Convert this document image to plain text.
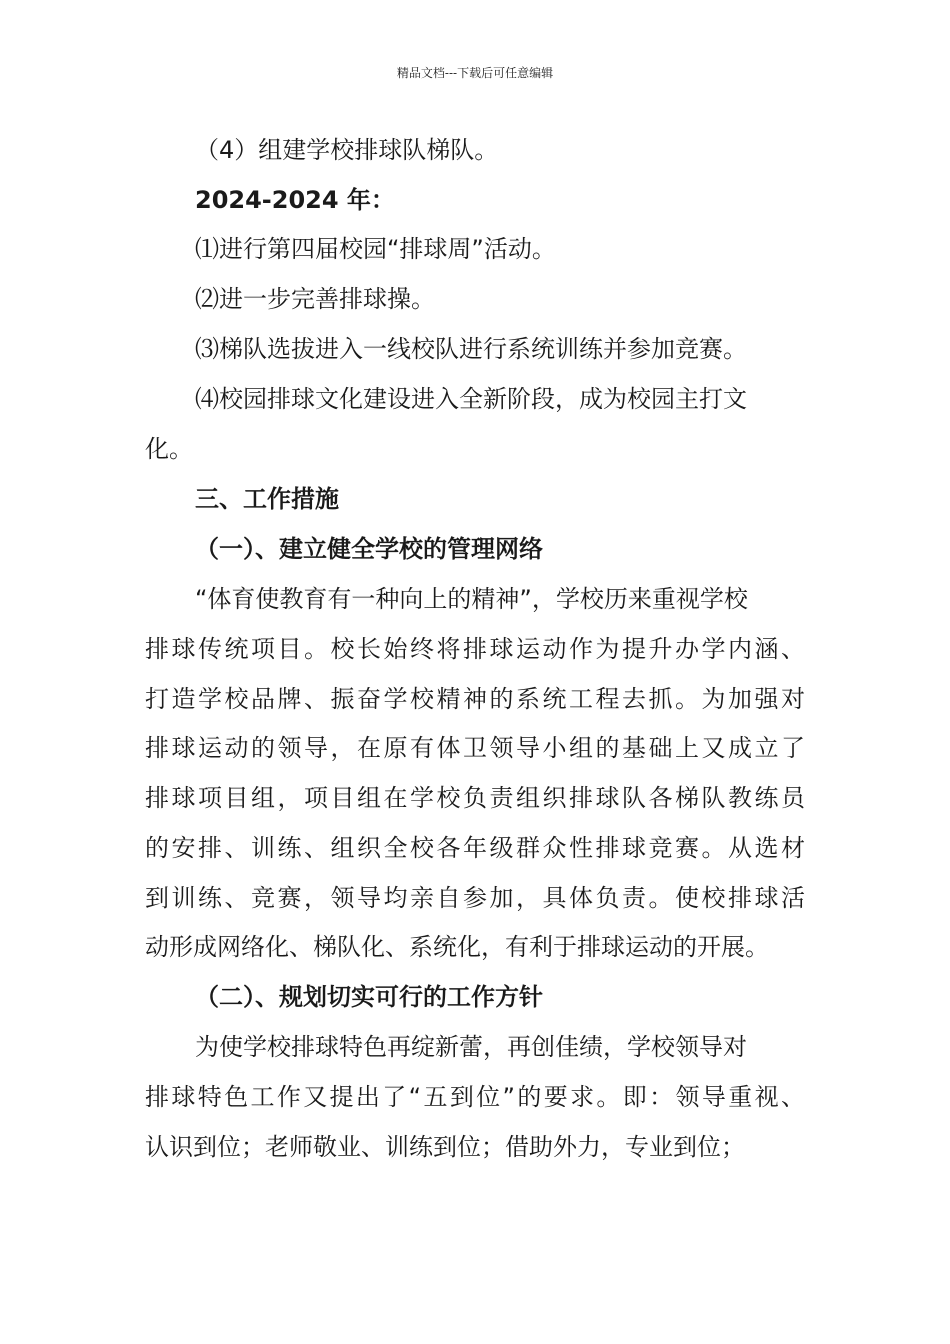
精品文档---下载后可任意编辑
（4）组建学校排球队梯队。
2024-2024 年：
⑴进行第四届校园“排球周”活动。
⑵进一步完善排球操。
⑶梯队选拔进入一线校队进行系统训练并参加竞赛。
⑷校园排球文化建设进入全新阶段，成为校园主打文
化。
三、工作措施
（一）、建立健全学校的管理网络
“体育使教育有一种向上的精神”，学校历来重视学校
排球传统项目。校长始终将排球运动作为提升办学内涵、
打造学校品牌、振奋学校精神的系统工程去抓。为加强对
排球运动的领导，在原有体卫领导小组的基础上又成立了
排球项目组，项目组在学校负责组织排球队各梯队教练员
的安排、训练、组织全校各年级群众性排球竞赛。从选材
到训练、竞赛，领导均亲自参加，具体负责。使校排球活
动形成网络化、梯队化、系统化，有利于排球运动的开展。
（二）、规划切实可行的工作方针
为使学校排球特色再绽新蕾，再创佳绩，学校领导对
排球特色工作又提出了“五到位”的要求。即：领导重视、
认识到位；老师敬业、训练到位；借助外力，专业到位；
